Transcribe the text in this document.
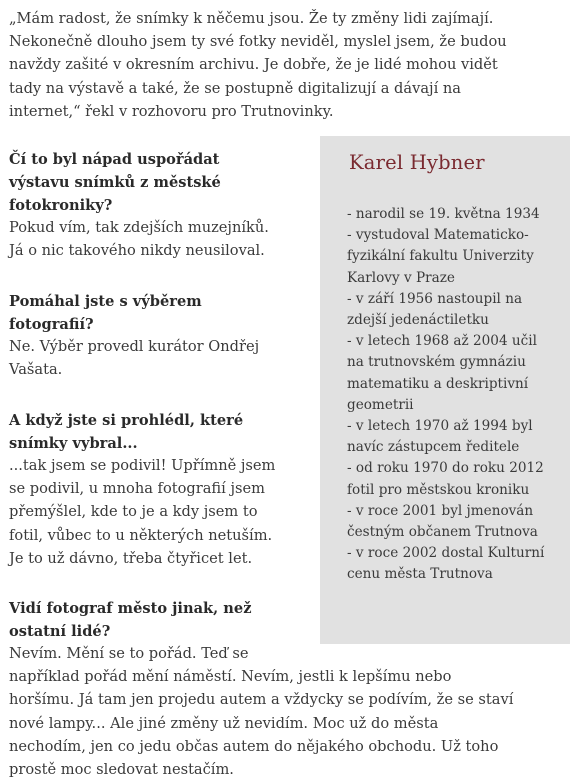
„Mám radost, že snímky k něčemu jsou. Že ty změny lidi zajímají.
Nekonečně dlouho jsem ty své fotky neviděl, myslel jsem, že budou
navždy zašité v okresním archivu. Je dobře, že je lidé mohou vidět
tady na výstavě a také, že se postupně digitalizují a dávají na
internet,“ řekl v rozhovoru pro Trutnovinky.

Čí to byl nápad uspořádat
výstavu snímků z městské
fotokroniky?

Pokud vím, tak zdejších muzejníků.
Já o nic takového nikdy neusiloval.

Pomáhal jste s výběrem
fotografií?

Ne. Výběr provedl kurátor Ondřej
Vašata.

A když jste si prohlédl, které
snímky vybral...

...tak jsem se podivil! Upřímně jsem
se podivil, u mnoha fotografií jsem
přemýšlel, kde to je a kdy jsem to
fotil, vůbec to u některých netuším.
Je to už dávno, třeba čtyřicet let.

Vidí fotograf město jinak, než
ostatní lidé?

Nevím. Mění se to pořád. Teď se
například pořád mění náměstí. Nevím, jestli k lepšímu nebo
horšímu. Já tam jen projedu autem a vždycky se podívím, že se staví
nové lampy... Ale jiné změny už nevidím. Moc už do města
nechodím, jen co jedu občas autem do nějakého obchodu. Už toho
prostě moc sledovat nestačím.

Karel Hybner
- narodil se 19. května 1934
- vystudoval Matematicko-
fyzikální fakultu Univerzity
Karlovy v Praze
- v září 1956 nastoupil na
zdejší jedenáctiletku
- v letech 1968 až 2004 učil
na trutnovském gymnáziu
matematiku a deskriptivní
geometrii
- v letech 1970 až 1994 byl
navíc zástupcem ředitele
- od roku 1970 do roku 2012
fotil pro městskou kroniku
- v roce 2001 byl jmenován
čestným občanem Trutnova
- v roce 2002 dostal Kulturní
cenu města Trutnova
